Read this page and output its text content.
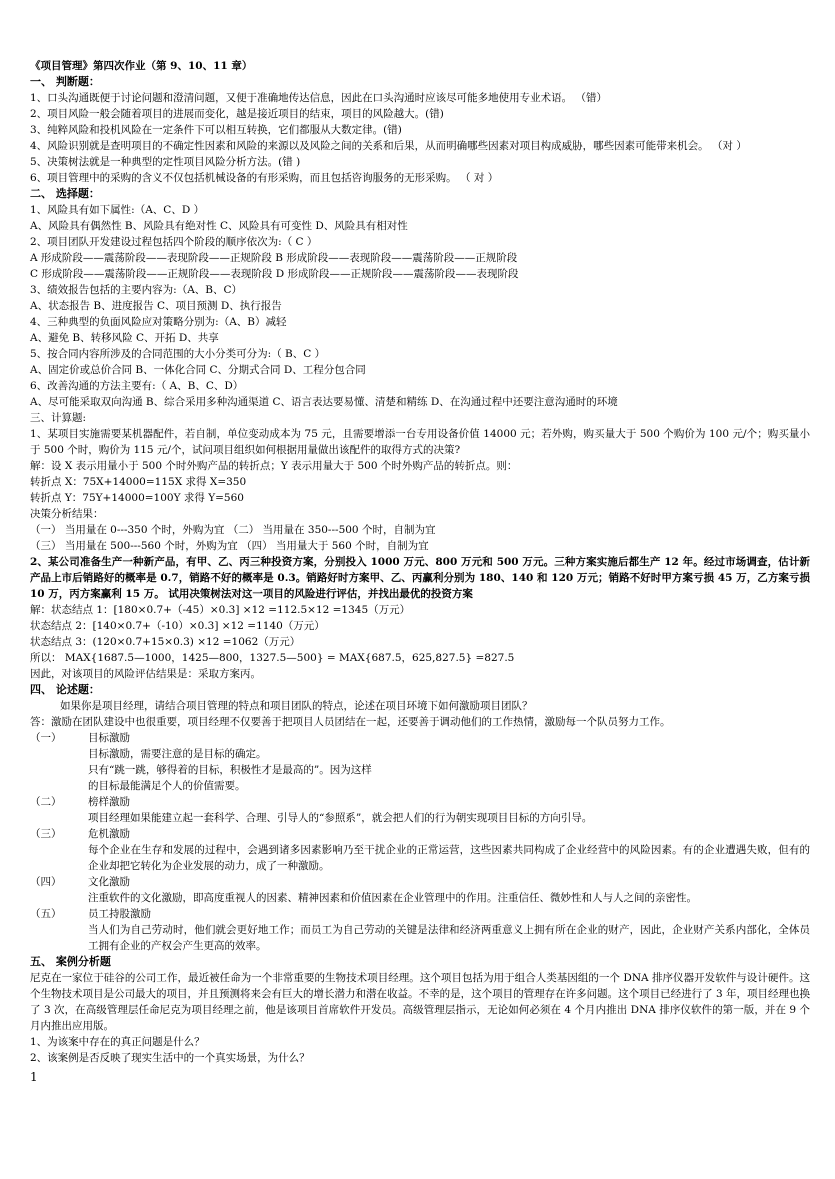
《项目管理》第四次作业（第 9、10、11 章）
一、 判断题：
1、口头沟通既便于讨论问题和澄清问题，又便于准确地传达信息，因此在口头沟通时应该尽可能多地使用专业术语。 （错）
2、项目风险一般会随着项目的进展而变化，越是接近项目的结束，项目的风险越大。(错)
3、纯粹风险和投机风险在一定条件下可以相互转换，它们都服从大数定律。(错)
4、风险识别就是查明项目的不确定性因素和风险的来源以及风险之间的关系和后果，从而明确哪些因素对项目构成威胁，哪些因素可能带来机会。 （对 ）
5、决策树法就是一种典型的定性项目风险分析方法。(错 )
6、项目管理中的采购的含义不仅包括机械设备的有形采购，而且包括咨询服务的无形采购。 （ 对 ）
二、 选择题：
1、风险具有如下属性:（A、C、D ）
A、风险具有偶然性 B、风险具有绝对性 C、风险具有可变性 D、风险具有相对性
2、项目团队开发建设过程包括四个阶段的顺序依次为:（ C ）
A 形成阶段——震荡阶段——表现阶段——正规阶段 B 形成阶段——表现阶段——震荡阶段——正规阶段
C 形成阶段——震荡阶段——正规阶段——表现阶段 D 形成阶段——正规阶段——震荡阶段——表现阶段
3、绩效报告包括的主要内容为:（A、B、C）
A、状态报告 B、进度报告 C、项目预测 D、执行报告
4、三种典型的负面风险应对策略分别为:（A、B）减轻
A、避免 B、转移风险 C、开拓 D、共享
5、按合同内容所涉及的合同范围的大小分类可分为:（ B、C ）
A、固定价或总价合同 B、一体化合同 C、分期式合同 D、工程分包合同
6、改善沟通的方法主要有:（ A、B、C、D）
A、尽可能采取双向沟通 B、综合采用多种沟通渠道 C、语言表达要易懂、清楚和精练 D、在沟通过程中还要注意沟通时的环境
三、计算题:
1、某项目实施需要某机器配件，若自制，单位变动成本为 75 元，且需要增添一台专用设备价值 14000 元；若外购，购买量大于 500 个购价为 100 元/个；购买量小于 500 个时，购价为 115 元/个，试问项目组织如何根据用量做出该配件的取得方式的决策?
解：设 X 表示用量小于 500 个时外购产品的转折点；Y 表示用量大于 500 个时外购产品的转折点。则：
转折点 X：75X+14000=115X 求得 X=350
转折点 Y：75Y+14000=100Y 求得 Y=560
决策分析结果：
（一） 当用量在 0---350 个时，外购为宜 （二） 当用量在 350---500 个时，自制为宜
（三） 当用量在 500---560 个时，外购为宜 （四） 当用量大于 560 个时，自制为宜
2、某公司准备生产一种新产品，有甲、乙、丙三种投资方案，分别投入 1000 万元、800 万元和 500 万元。三种方案实施后都生产 12 年。经过市场调查，估计新产品上市后销路好的概率是 0.7，销路不好的概率是 0.3。销路好时方案甲、乙、丙赢利分别为 180、140 和 120 万元；销路不好时甲方案亏损 45 万，乙方案亏损 10 万，丙方案赢利 15 万。 试用决策树法对这一项目的风险进行评估，并找出最优的投资方案
解：状态结点 1：[180×0.7+（-45）×0.3] ×12 =112.5×12 =1345（万元）
状态结点 2：[140×0.7+（-10）×0.3] ×12 =1140（万元）
状态结点 3：(120×0.7+15×0.3) ×12 =1062（万元）
所以： MAX{1687.5—1000，1425—800，1327.5—500} = MAX{687.5，625,827.5} =827.5
因此，对该项目的风险评估结果是：采取方案丙。
四、 论述题：
如果你是项目经理，请结合项目管理的特点和项目团队的特点，论述在项目环境下如何激励项目团队？
答：激励在团队建设中也很重要，项目经理不仅要善于把项目人员团结在一起，还要善于调动他们的工作热情，激励每一个队员努力工作。
（一）	目标激励
目标激励，需要注意的是目标的确定。
只有“跳一跳，够得着的目标，积极性才是最高的”。因为这样
的目标最能满足个人的价值需要。
（二）	榜样激励
项目经理如果能建立起一套科学、合理、引导人的“参照系”，就会把人们的行为朝实现项目目标的方向引导。
（三）	危机激励
每个企业在生存和发展的过程中，会遇到诸多因素影响乃至干扰企业的正常运营，这些因素共同构成了企业经营中的风险因素。有的企业遭遇失败，但有的企业却把它转化为企业发展的动力，成了一种激励。
（四）	文化激励
注重软件的文化激励，即高度重视人的因素、精神因素和价值因素在企业管理中的作用。注重信任、微妙性和人与人之间的亲密性。
（五）	员工持股激励
当人们为自己劳动时，他们就会更好地工作；而员工为自己劳动的关键是法律和经济两重意义上拥有所在企业的财产，因此，企业财产关系内部化，全体员工拥有企业的产权会产生更高的效率。
五、 案例分析题
尼克在一家位于硅谷的公司工作，最近被任命为一个非常重要的生物技术项目经理。这个项目包括为用于组合人类基因组的一个 DNA 排序仪器开发软件与设计硬件。这个生物技术项目是公司最大的项目，并且预测将来会有巨大的增长潜力和潜在收益。不幸的是，这个项目的管理存在许多问题。这个项目已经进行了 3 年，项目经理也换了 3 次，在高级管理层任命尼克为项目经理之前，他是该项目首席软件开发员。高级管理层指示，无论如何必须在 4 个月内推出 DNA 排序仪软件的第一版，并在 9 个月内推出应用版。
1、为该案中存在的真正问题是什么？
2、该案例是否反映了现实生活中的一个真实场景，为什么？
1
